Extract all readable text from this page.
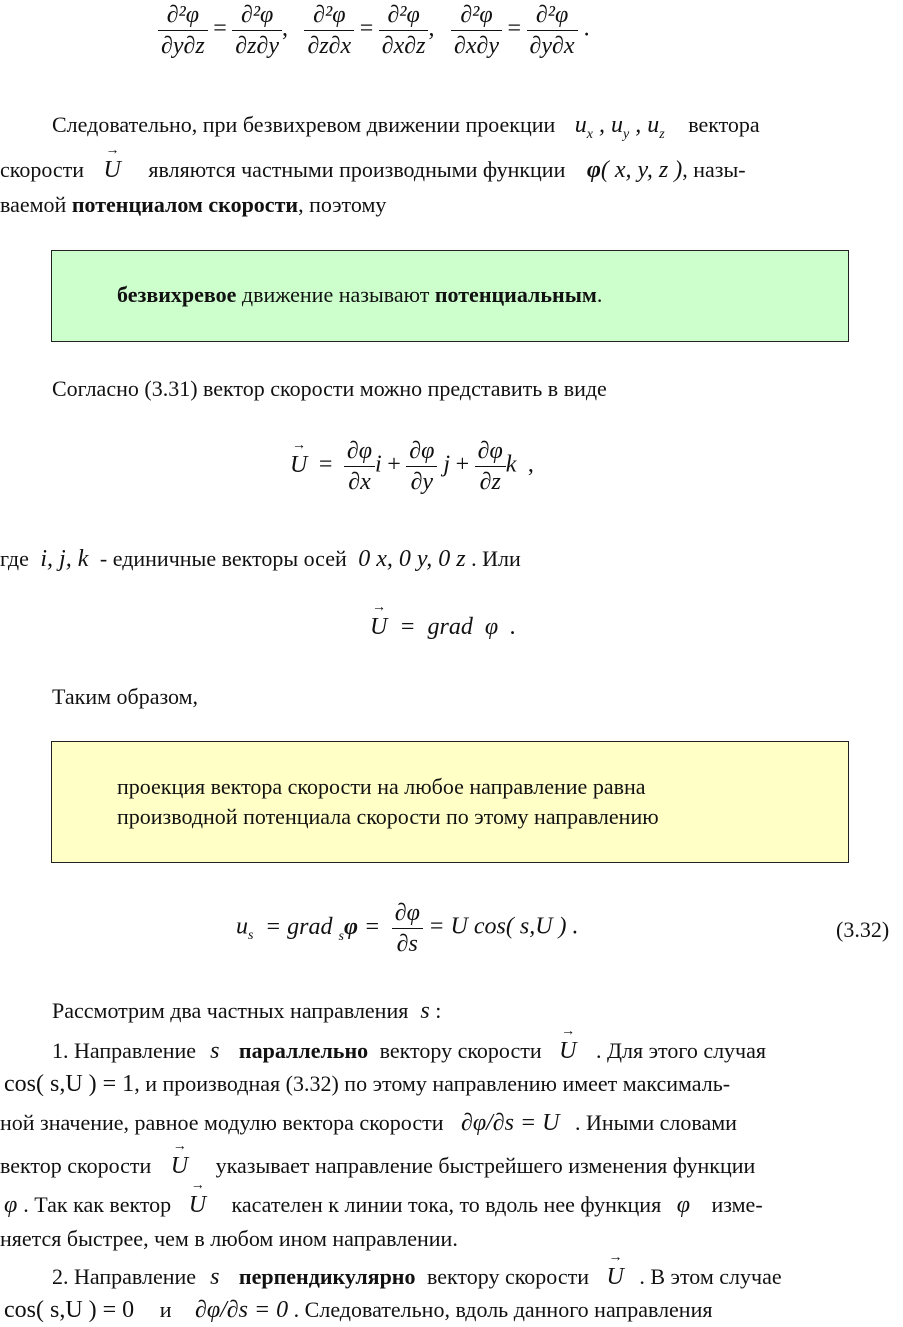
$\frac{\text{∂²φ}}{\partial y\partial z} = \frac{\text{∂²φ}}{\partial z\partial y}$ , $\frac{\text{∂²φ}}{\partial z\partial x} = \frac{\text{∂²φ}}{\partial x\partial z}$ , $\frac{\text{∂²φ}}{\partial x\partial y} = \frac{\text{∂²φ}}{\partial y\partial x}$ .
Следовательно, при безвихревом движении проекции $u_x$ , $u_y$ , $u_z$ вектора
скорости U → являются частными производными функции φ( x, y, z ), назы-
ваемой потенциалом скорости, поэтому
безвихревое движение называют потенциальным.
Согласно (3.31) вектор скорости можно представить в виде
U →  = $\frac{\partial\varphi}{\partial x}$ $i + \frac{\partial\varphi}{\partial y}$ $j + \frac{\partial\varphi}{\partial z}$ k  ,
где i, j, k - единичные векторы осей 0 x, 0 y, 0 z . Или
U →  =  grad  φ  .
Таким образом,
проекция вектора скорости на любое направление равна
производной потенциала скорости по этому направлению
$u_s$  = grad $_s\varphi = \frac{\partial\varphi}{\partial s} = U$ cos( s,U ) .	(3.32)
Рассмотрим два частных направления s :
1. Направление s параллельно вектору скорости U → . Для этого случая
cos( s,U ) = 1, и производная (3.32) по этому направлению имеет максималь-
ной значение, равное модулю вектора скорости ∂φ/∂s = U . Иными словами
вектор скорости U → указывает направление быстрейшего изменения функции
φ . Так как вектор U → касателен к линии тока, то вдоль нее функция φ изме-
няется быстрее, чем в любом ином направлении.
2. Направление s перпендикулярно вектору скорости U → . В этом случае
cos( s,U ) = 0 и ∂φ/∂s = 0 . Следовательно, вдоль данного направления
